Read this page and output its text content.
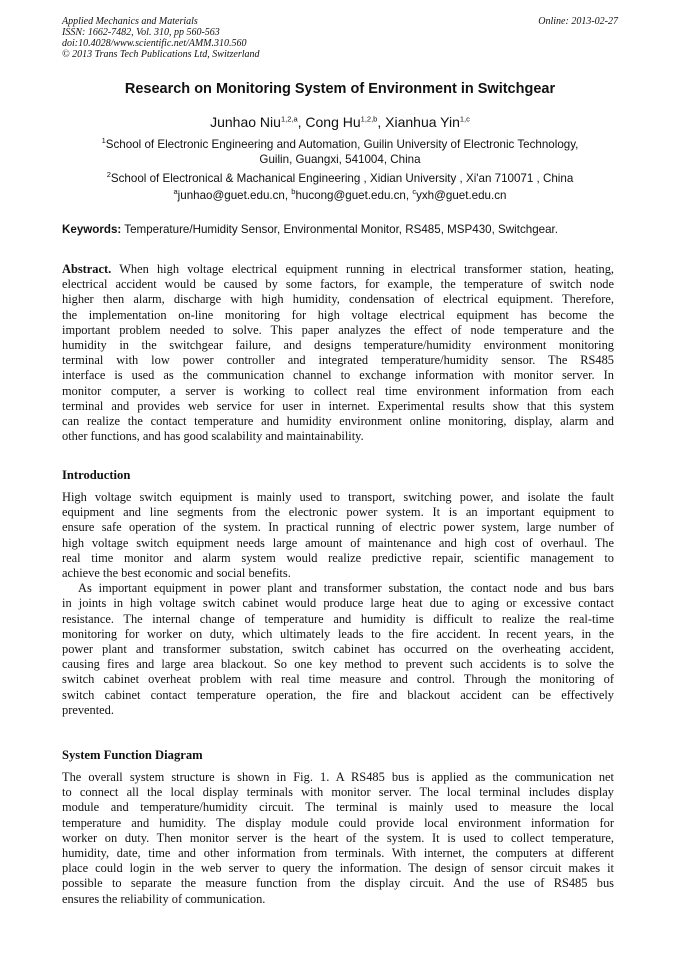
Applied Mechanics and Materials
ISSN: 1662-7482, Vol. 310, pp 560-563
doi:10.4028/www.scientific.net/AMM.310.560
© 2013 Trans Tech Publications Ltd, Switzerland
Online: 2013-02-27
Research on Monitoring System of Environment in Switchgear
Junhao Niu$^{1,2,a}$, Cong Hu$^{1,2,b}$, Xianhua Yin$^{1,c}$
$^1$School of Electronic Engineering and Automation, Guilin University of Electronic Technology,
Guilin, Guangxi, 541004, China
$^2$School of Electronical & Machanical Engineering , Xidian University , Xi'an 710071 , China
$^a$junhao@guet.edu.cn, $^b$hucong@guet.edu.cn, $^c$yxh@guet.edu.cn
Keywords: Temperature/Humidity Sensor, Environmental Monitor, RS485, MSP430, Switchgear.
Abstract. When high voltage electrical equipment running in electrical transformer station, heating,
electrical accident would be caused by some factors, for example, the temperature of switch node
higher then alarm, discharge with high humidity, condensation of electrical equipment. Therefore,
the implementation on-line monitoring for high voltage electrical equipment has become the
important problem needed to solve. This paper analyzes the effect of node temperature and the
humidity in the switchgear failure, and designs temperature/humidity environment monitoring
terminal with low power controller and integrated temperature/humidity sensor. The RS485
interface is used as the communication channel to exchange information with monitor server. In
monitor computer, a server is working to collect real time environment information from each
terminal and provides web service for user in internet. Experimental results show that this system
can realize the contact temperature and humidity environment online monitoring, display, alarm and
other functions, and has good scalability and maintainability.
Introduction
High voltage switch equipment is mainly used to transport, switching power, and isolate the fault
equipment and line segments from the electronic power system. It is an important equipment to
ensure safe operation of the system. In practical running of electric power system, large number of
high voltage switch equipment needs large amount of maintenance and high cost of overhaul. The
real time monitor and alarm system would realize predictive repair, scientific management to
achieve the best economic and social benefits.
As important equipment in power plant and transformer substation, the contact node and bus bars
in joints in high voltage switch cabinet would produce large heat due to aging or excessive contact
resistance. The internal change of temperature and humidity is difficult to realize the real-time
monitoring for worker on duty, which ultimately leads to the fire accident. In recent years, in the
power plant and transformer substation, switch cabinet has occurred on the overheating accident,
causing fires and large area blackout. So one key method to prevent such accidents is to solve the
switch cabinet overheat problem with real time measure and control. Through the monitoring of
switch cabinet contact temperature operation, the fire and blackout accident can be effectively
prevented.
System Function Diagram
The overall system structure is shown in Fig. 1. A RS485 bus is applied as the communication net
to connect all the local display terminals with monitor server. The local terminal includes display
module and temperature/humidity circuit. The terminal is mainly used to measure the local
temperature and humidity. The display module could provide local environment information for
worker on duty. Then monitor server is the heart of the system. It is used to collect temperature,
humidity, date, time and other information from terminals. With internet, the computers at different
place could login in the web server to query the information. The design of sensor circuit makes it
possible to separate the measure function from the display circuit. And the use of RS485 bus
ensures the reliability of communication.
